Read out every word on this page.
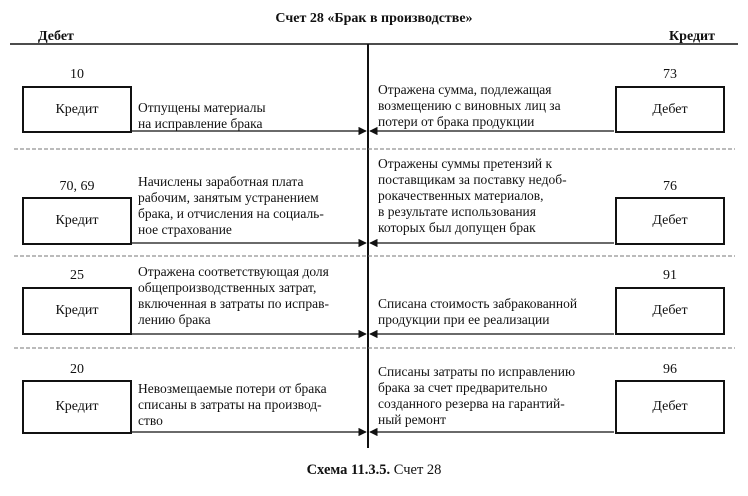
Счет 28 «Брак в производстве»
Дебет	Кредит
10
Кредит	Отпущены материалы
на исправление брака
Отражена сумма, подлежащая
возмещению с виновных лиц за
потери от брака продукции
73
Дебет
70, 69
Кредит
Начислены заработная плата
рабочим, занятым устранением
брака, и отчисления на социаль-
ное страхование
Отражены суммы претензий к
поставщикам за поставку недоб-
рокачественных материалов,
в результате использования
которых был допущен брак
76
Дебет
25
Кредит
Отражена соответствующая доля
общепроизводственных затрат,
включенная в затраты по исправ-
лению брака
Списана стоимость забракованной
продукции при ее реализации
91
Дебет
20
Кредит
Невозмещаемые потери от брака
списаны в затраты на производ-
ство
Списаны затраты по исправлению
брака за счет предварительно
созданного резерва на гарантий-
ный ремонт
96
Дебет
Схема 11.3.5. Счет 28
